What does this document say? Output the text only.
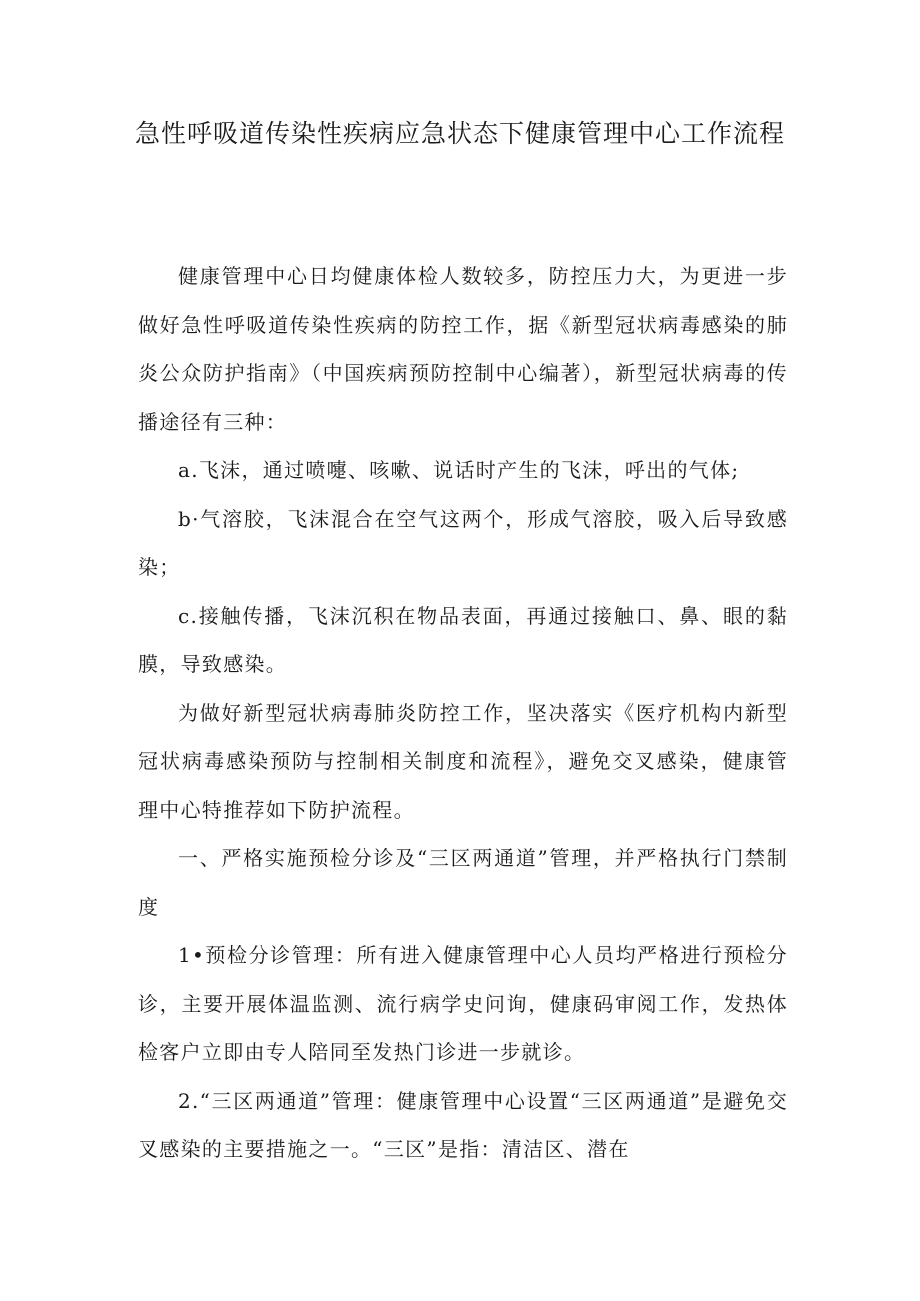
急性呼吸道传染性疾病应急状态下健康管理中心工作流程

健康管理中心日均健康体检人数较多，防控压力大，为更进一步做好急性呼吸道传染性疾病的防控工作，据《新型冠状病毒感染的肺炎公众防护指南》（中国疾病预防控制中心编著），新型冠状病毒的传播途径有三种：

a.飞沫，通过喷嚏、咳嗽、说话时产生的飞沫，呼出的气体;

b·气溶胶，飞沫混合在空气这两个，形成气溶胶，吸入后导致感染；

c.接触传播，飞沫沉积在物品表面，再通过接触口、鼻、眼的黏膜，导致感染。

为做好新型冠状病毒肺炎防控工作，坚决落实《医疗机构内新型冠状病毒感染预防与控制相关制度和流程》，避免交叉感染，健康管理中心特推荐如下防护流程。

一、严格实施预检分诊及“三区两通道”管理，并严格执行门禁制度

1•预检分诊管理：所有进入健康管理中心人员均严格进行预检分诊，主要开展体温监测、流行病学史问询，健康码审阅工作，发热体检客户立即由专人陪同至发热门诊进一步就诊。

2.“三区两通道”管理：健康管理中心设置“三区两通道”是避免交叉感染的主要措施之一。“三区”是指：清洁区、潜在
